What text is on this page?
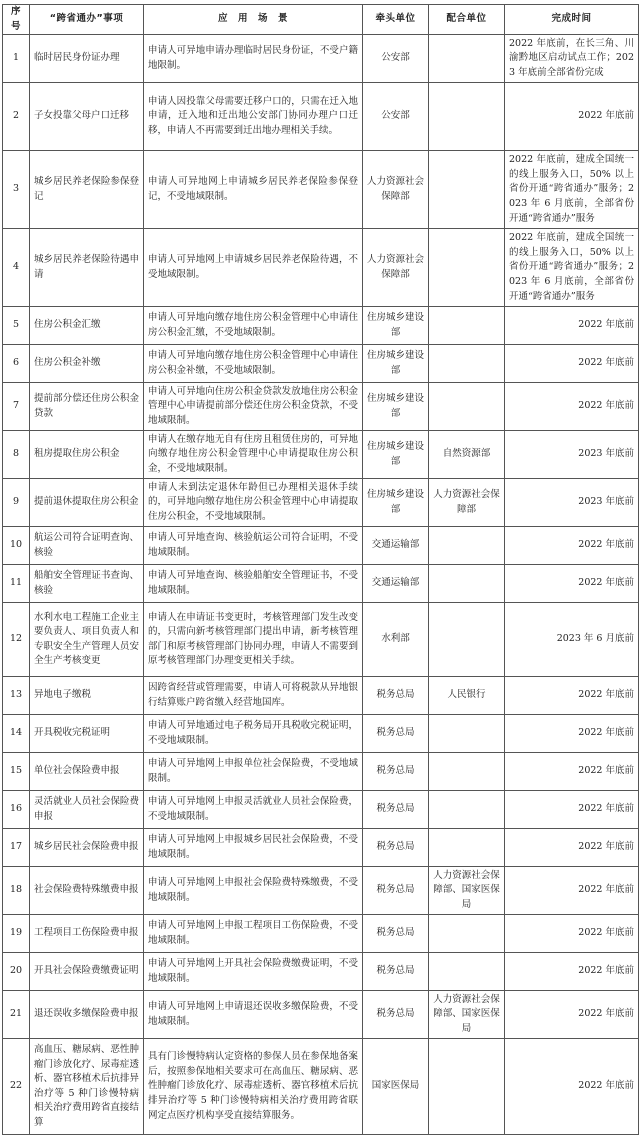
序号	“跨省通办”事项	应　用　场　景	牵头单位	配合单位	完成时间
1	临时居民身份证办理	申请人可异地申请办理临时居民身份证，不受户籍地限制。	公安部		2022 年底前，在长三角、川渝黔地区启动试点工作；2023 年底前全部省份完成
2	子女投靠父母户口迁移	申请人因投靠父母需要迁移户口的，只需在迁入地申请，迁入地和迁出地公安部门协同办理户口迁移，申请人不再需要到迁出地办理相关手续。	公安部		2022 年底前
3	城乡居民养老保险参保登记	申请人可异地网上申请城乡居民养老保险参保登记，不受地域限制。	人力资源社会保障部		2022 年底前，建成全国统一的线上服务入口，50% 以上省份开通“跨省通办”服务；2023 年 6 月底前，全部省份开通“跨省通办”服务
4	城乡居民养老保险待遇申请	申请人可异地网上申请城乡居民养老保险待遇，不受地域限制。	人力资源社会保障部		2022 年底前，建成全国统一的线上服务入口，50% 以上省份开通“跨省通办”服务；2023 年 6 月底前，全部省份开通“跨省通办”服务
5	住房公积金汇缴	申请人可异地向缴存地住房公积金管理中心申请住房公积金汇缴，不受地域限制。	住房城乡建设部		2022 年底前
6	住房公积金补缴	申请人可异地向缴存地住房公积金管理中心申请住房公积金补缴，不受地域限制。	住房城乡建设部		2022 年底前
7	提前部分偿还住房公积金贷款	申请人可异地向住房公积金贷款发放地住房公积金管理中心申请提前部分偿还住房公积金贷款，不受地域限制。	住房城乡建设部		2022 年底前
8	租房提取住房公积金	申请人在缴存地无自有住房且租赁住房的，可异地向缴存地住房公积金管理中心申请提取住房公积金，不受地域限制。	住房城乡建设部	自然资源部	2023 年底前
9	提前退休提取住房公积金	申请人未到法定退休年龄但已办理相关退休手续的，可异地向缴存地住房公积金管理中心申请提取住房公积金，不受地域限制。	住房城乡建设部	人力资源社会保障部	2023 年底前
10	航运公司符合证明查询、核验	申请人可异地查询、核验航运公司符合证明，不受地域限制。	交通运输部		2022 年底前
11	船舶安全管理证书查询、核验	申请人可异地查询、核验船舶安全管理证书，不受地域限制。	交通运输部		2022 年底前
12	水利水电工程施工企业主要负责人、项目负责人和专职安全生产管理人员安全生产考核变更	申请人在申请证书变更时，考核管理部门发生改变的，只需向新考核管理部门提出申请，新考核管理部门和原考核管理部门协同办理，申请人不需要到原考核管理部门办理变更相关手续。	水利部		2023 年 6 月底前
13	异地电子缴税	因跨省经营或管理需要，申请人可将税款从异地银行结算账户跨省缴入经营地国库。	税务总局	人民银行	2022 年底前
14	开具税收完税证明	申请人可异地通过电子税务局开具税收完税证明，不受地域限制。	税务总局		2022 年底前
15	单位社会保险费申报	申请人可异地网上申报单位社会保险费，不受地域限制。	税务总局		2022 年底前
16	灵活就业人员社会保险费申报	申请人可异地网上申报灵活就业人员社会保险费，不受地域限制。	税务总局		2022 年底前
17	城乡居民社会保险费申报	申请人可异地网上申报城乡居民社会保险费，不受地域限制。	税务总局		2022 年底前
18	社会保险费特殊缴费申报	申请人可异地网上申报社会保险费特殊缴费，不受地域限制。	税务总局	人力资源社会保障部、国家医保局	2022 年底前
19	工程项目工伤保险费申报	申请人可异地网上申报工程项目工伤保险费，不受地域限制。	税务总局		2022 年底前
20	开具社会保险费缴费证明	申请人可异地网上开具社会保险费缴费证明，不受地域限制。	税务总局		2022 年底前
21	退还误收多缴保险费申报	申请人可异地网上申请退还误收多缴保险费，不受地域限制。	税务总局	人力资源社会保障部、国家医保局	2022 年底前
22	高血压、糖尿病、恶性肿瘤门诊放化疗、尿毒症透析、器官移植术后抗排异治疗等 5 种门诊慢特病相关治疗费用跨省直接结算	具有门诊慢特病认定资格的参保人员在参保地备案后，按照参保地相关要求可在高血压、糖尿病、恶性肿瘤门诊放化疗、尿毒症透析、器官移植术后抗排异治疗等 5 种门诊慢特病相关治疗费用跨省联网定点医疗机构享受直接结算服务。	国家医保局		2022 年底前
